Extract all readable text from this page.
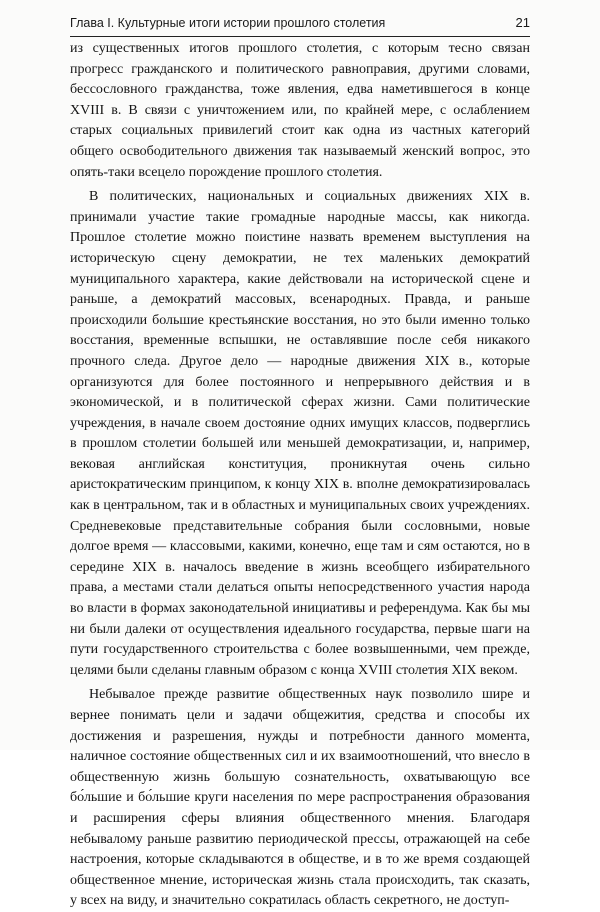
Глава I. Культурные итоги истории прошлого столетия	21

из существенных итогов прошлого столетия, с которым тесно связан прогресс гражданского и политического равноправия, другими словами, бессословного гражданства, тоже явления, едва наметившегося в конце XVIII в. В связи с уничтожением или, по крайней мере, с ослаблением старых социальных привилегий стоит как одна из частных категорий общего освободительного движения так называемый женский вопрос, это опять-таки всецело порождение прошлого столетия.

В политических, национальных и социальных движениях XIX в. принимали участие такие громадные народные массы, как никогда. Прошлое столетие можно поистине назвать временем выступления на историческую сцену демократии, не тех маленьких демократий муниципального характера, какие действовали на исторической сцене и раньше, а демократий массовых, всенародных. Правда, и раньше происходили большие крестьянские восстания, но это были именно только восстания, временные вспышки, не оставлявшие после себя никакого прочного следа. Другое дело — народные движения XIX в., которые организуются для более постоянного и непрерывного действия и в экономической, и в политической сферах жизни. Сами политические учреждения, в начале своем достояние одних имущих классов, подверглись в прошлом столетии большей или меньшей демократизации, и, например, вековая английская конституция, проникнутая очень сильно аристократическим принципом, к концу XIX в. вполне демократизировалась как в центральном, так и в областных и муниципальных своих учреждениях. Средневековые представительные собрания были сословными, новые долгое время — классовыми, какими, конечно, еще там и сям остаются, но в середине XIX в. началось введение в жизнь всеобщего избирательного права, а местами стали делаться опыты непосредственного участия народа во власти в формах законодательной инициативы и референдума. Как бы мы ни были далеки от осуществления идеального государства, первые шаги на пути государственного строительства с более возвышенными, чем прежде, целями были сделаны главным образом с конца XVIII столетия XIX веком.

Небывалое прежде развитие общественных наук позволило шире и вернее понимать цели и задачи общежития, средства и способы их достижения и разрешения, нужды и потребности данного момента, наличное состояние общественных сил и их взаимоотношений, что внесло в общественную жизнь большую сознательность, охватывающую все бо́льшие и бо́льшие круги населения по мере распространения образования и расширения сферы влияния общественного мнения. Благодаря небывалому раньше развитию периодической прессы, отражающей на себе настроения, которые складываются в обществе, и в то же время создающей общественное мнение, историческая жизнь стала происходить, так сказать, у всех на виду, и значительно сократилась область секретного, не доступ-
